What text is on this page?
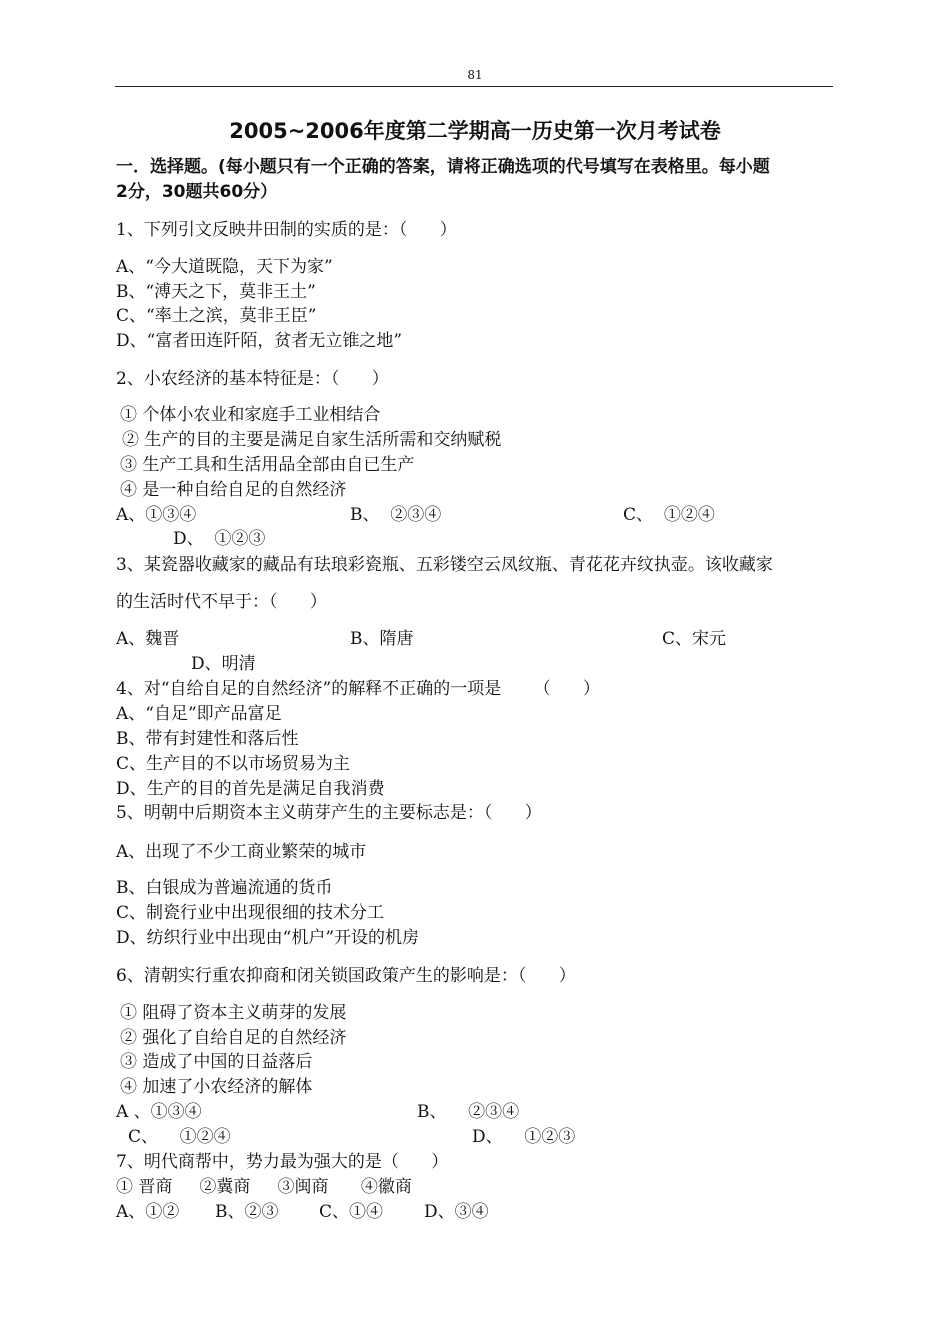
81
2005~2006年度第二学期高一历史第一次月考试卷
一．选择题。(每小题只有一个正确的答案，请将正确选项的代号填写在表格里。每小题
2分，30题共60分）
1、下列引文反映井田制的实质的是：（      ）
A、“今大道既隐，天下为家”
B、“溥天之下，莫非王土”
C、“率土之滨，莫非王臣”
D、“富者田连阡陌，贫者无立锥之地”
2、小农经济的基本特征是：（      ）
① 个体小农业和家庭手工业相结合
② 生产的目的主要是满足自家生活所需和交纳赋税
③ 生产工具和生活用品全部由自已生产
④ 是一种自给自足的自然经济
A、①③④	B、  ②③④	C、  ①②④
D、  ①②③
3、某瓷器收藏家的藏品有珐琅彩瓷瓶、五彩镂空云凤纹瓶、青花花卉纹执壶。该收藏家
的生活时代不早于：（      ）
A、魏晋	B、隋唐	C、宋元
D、明清
4、对“自给自足的自然经济”的解释不正确的一项是      （      ）
A、“自足”即产品富足
B、带有封建性和落后性
C、生产目的不以市场贸易为主
D、生产的目的首先是满足自我消费
5、明朝中后期资本主义萌芽产生的主要标志是：（      ）
A、出现了不少工商业繁荣的城市
B、白银成为普遍流通的货币
C、制瓷行业中出现很细的技术分工
D、纺织行业中出现由“机户”开设的机房
6、清朝实行重农抑商和闭关锁国政策产生的影响是：（      ）
① 阻碍了资本主义萌芽的发展
② 强化了自给自足的自然经济
③ 造成了中国的日益落后
④ 加速了小农经济的解体
A 、①③④	B、    ②③④
C、    ①②④	D、    ①②③
7、明代商帮中，势力最为强大的是（      ）
① 晋商     ②冀商     ③闽商      ④徽商
A、①② B、②③ C、①④ D、③④
